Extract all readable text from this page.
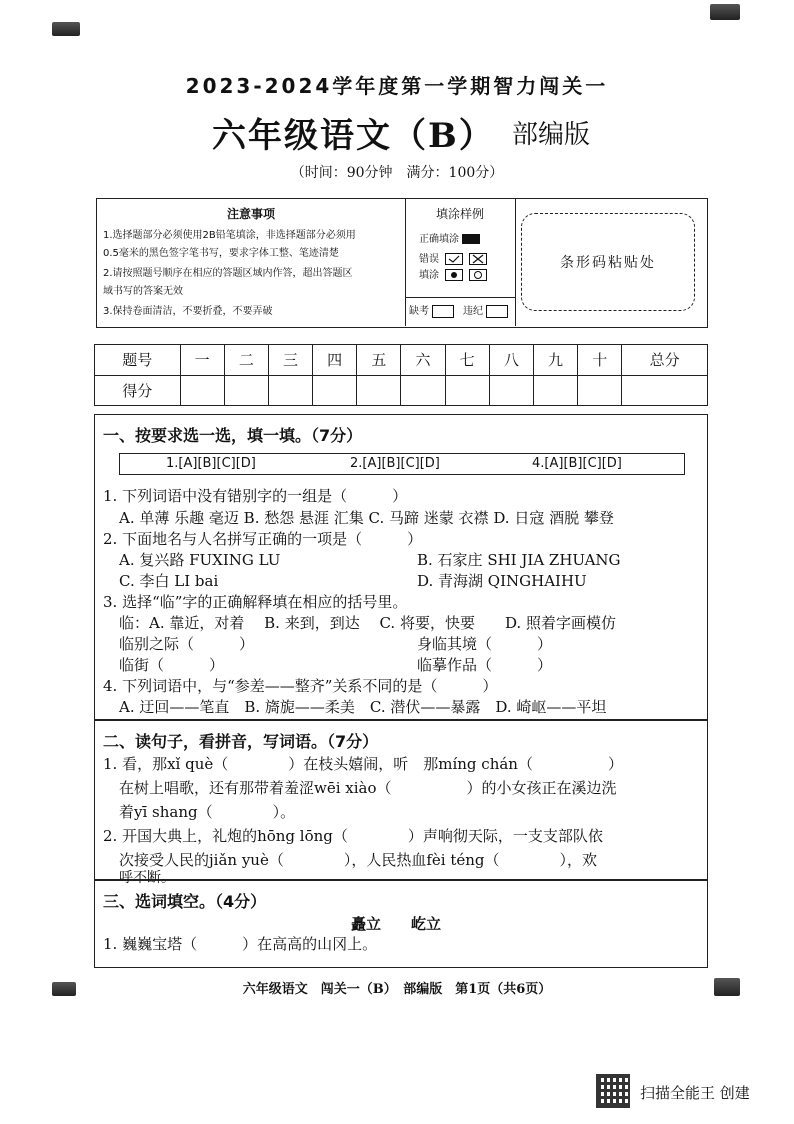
2023-2024学年度第一学期智力闯关一
六年级语文（B） 部编版
（时间：90分钟　满分：100分）
注意事项
1.选择题部分必须使用2B铅笔填涂，非选择题部分必须用
0.5毫米的黑色签字笔书写，要求字体工整、笔迹清楚
2.请按照题号顺序在相应的答题区域内作答，超出答题区
域书写的答案无效
3.保持卷面清洁，不要折叠，不要弄破
填涂样例
正确填涂
错误

填涂

缺考	违纪
条形码粘贴处
题号	一	二	三	四	五	六	七	八	九	十	总分
得分											
一、按要求选一选，填一填。（7分）
1.[A][B][C][D]	2.[A][B][C][D]	4.[A][B][C][D]
1. 下列词语中没有错别字的一组是（　　　）
A. 单薄 乐趣 毫迈 B. 愁怨 悬涯 汇集 C. 马蹄 迷蒙 衣襟 D. 日寇 酒脱 攀登
2. 下面地名与人名拼写正确的一项是（　　　）
A. 复兴路 FUXING LU	B. 石家庄 SHI JIA ZHUANG
C. 李白 LI bai	D. 青海湖 QINGHAIHU
3. 选择“临”字的正确解释填在相应的括号里。
临：A. 靠近，对着　 B. 来到，到达　 C. 将要，快要　　D. 照着字画模仿
临别之际（　　　）	身临其境（　　　）
临街（　　　）	临摹作品（　　　）
4. 下列词语中，与“参差——整齐”关系不同的是（　　　）
A. 迂回——笔直　B. 旖旎——柔美　C. 潜伏——暴露　D. 崎岖——平坦
二、读句子，看拼音，写词语。（7分）
1. 看，那xǐ què（　　　　）在枝头嬉闹，听　那míng chán（　　　　　）
在树上唱歌，还有那带着羞涩wēi xiào（　　　　　）的小女孩正在溪边洗
着yī shang（　　　　）。
2. 开国大典上，礼炮的hōng lōng（　　　　）声响彻天际，一支支部队依
次接受人民的jiǎn yuè（　　　　），人民热血fèi téng（　　　　），欢
呼不断。
三、选词填空。（4分）
矗立　　屹立
1. 巍巍宝塔（　　　）在高高的山冈上。
六年级语文　闯关一（B）　部编版　第1页（共6页）
扫描全能王 创建
